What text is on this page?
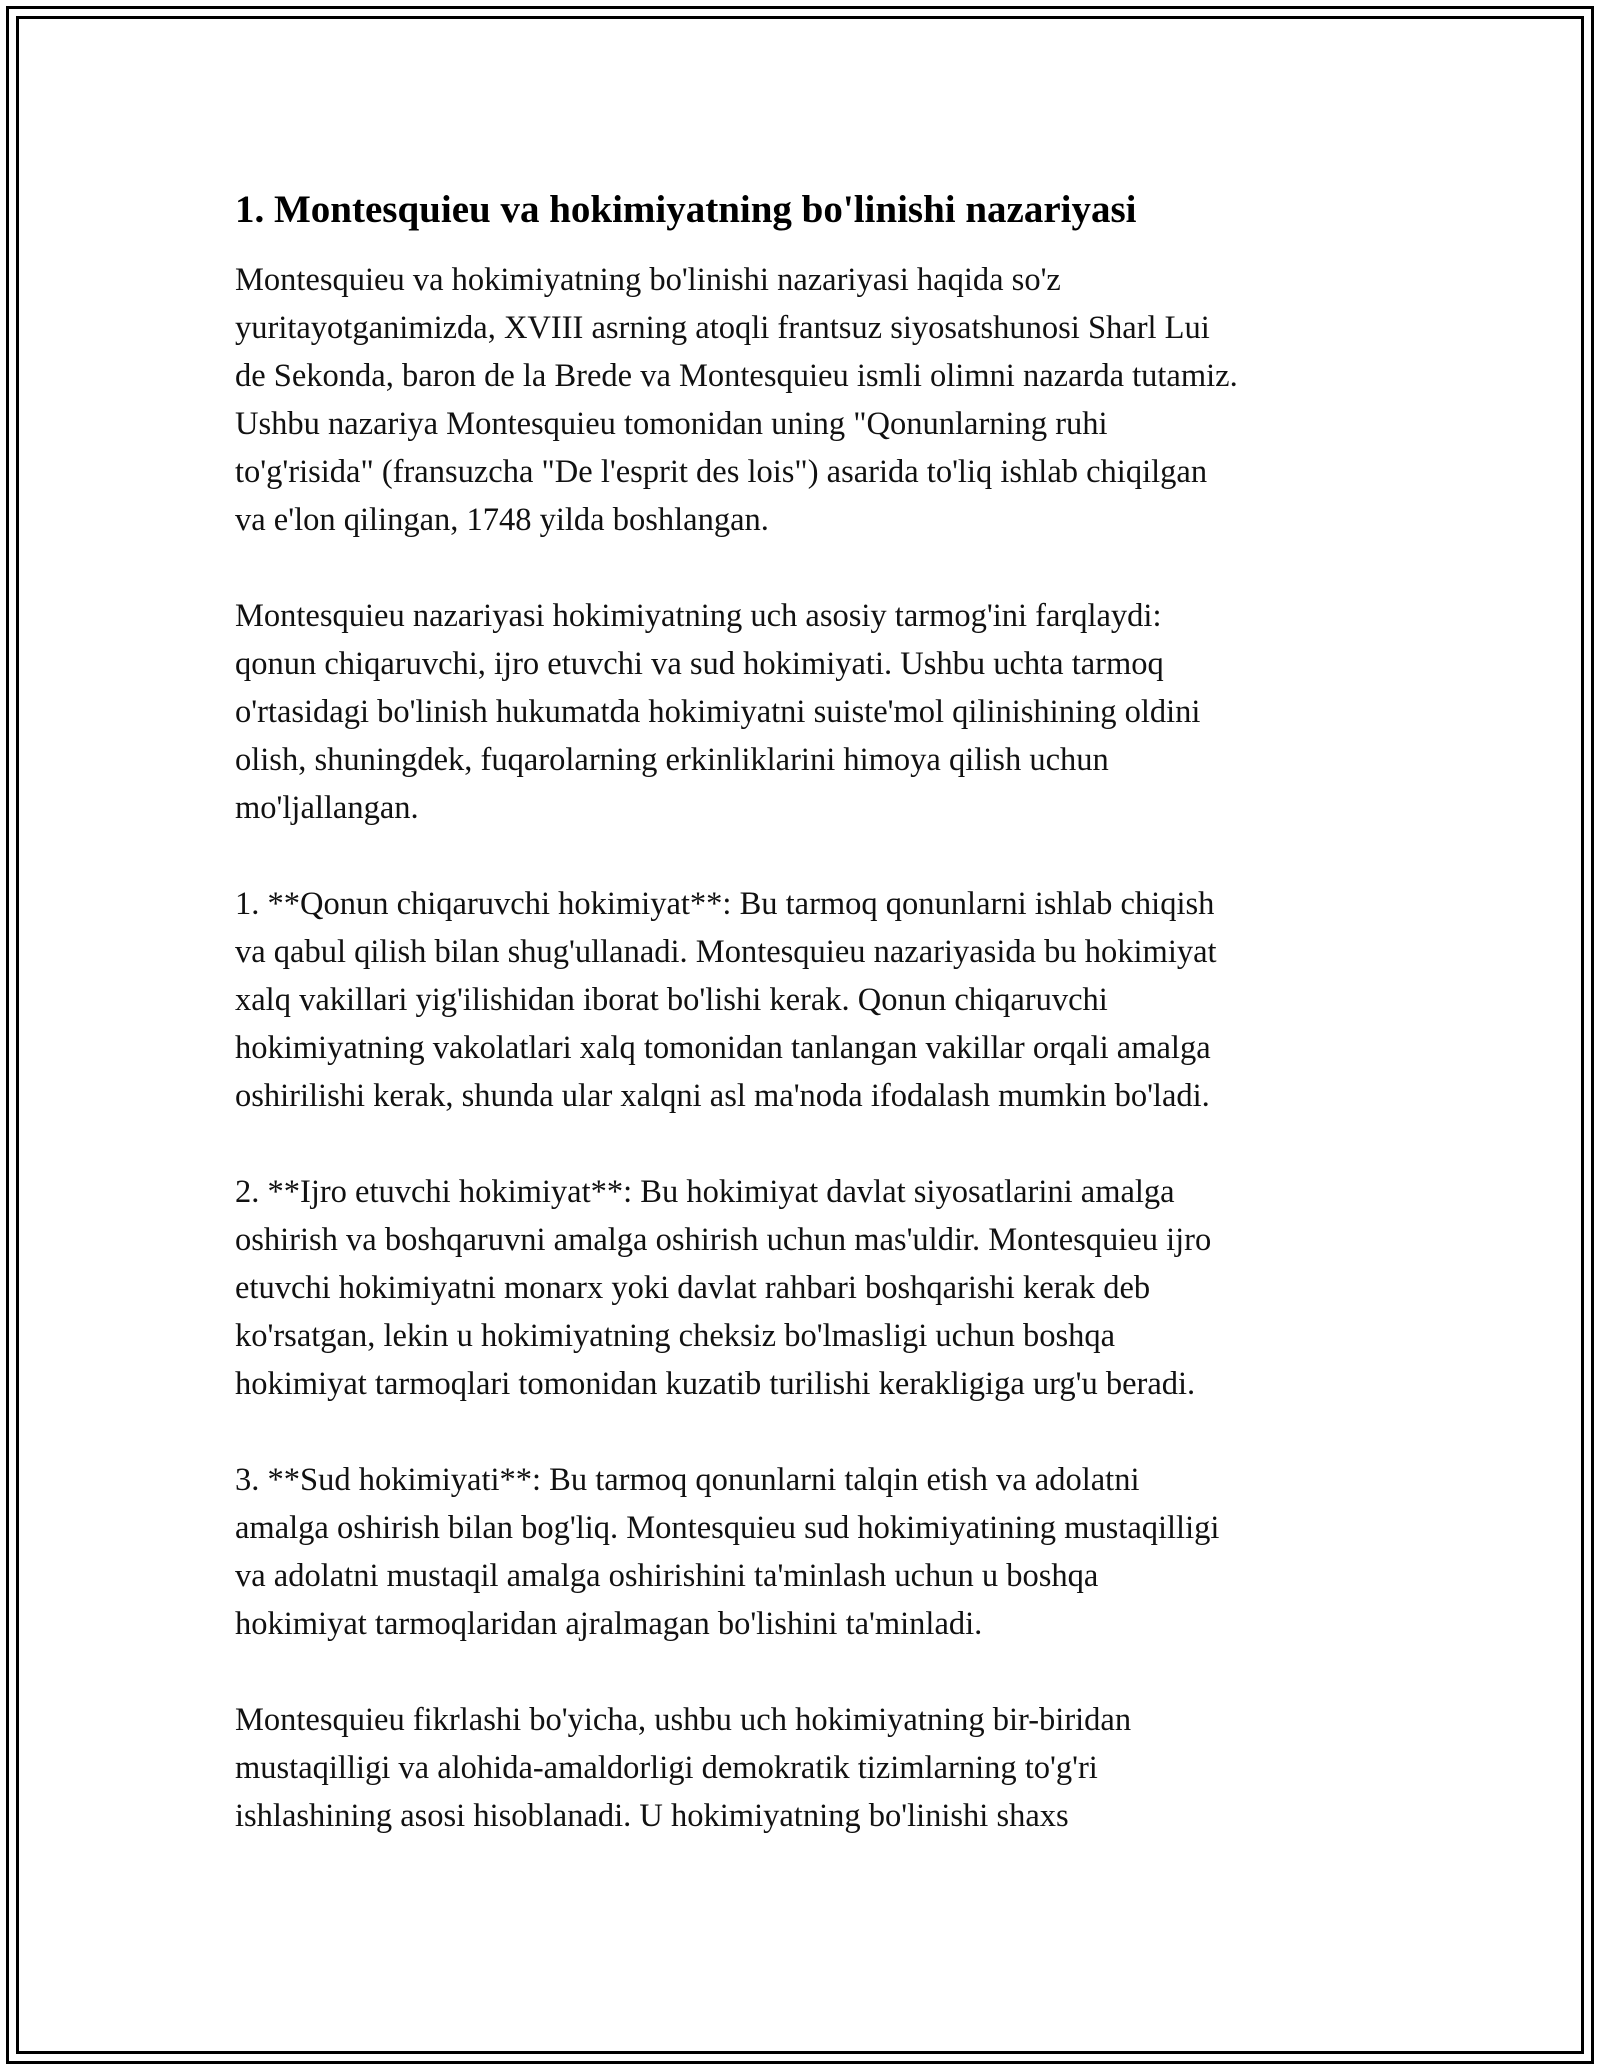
1. Montesquieu va hokimiyatning bo'linishi nazariyasi
Montesquieu va hokimiyatning bo'linishi nazariyasi haqida so'z
yuritayotganimizda, XVIII asrning atoqli frantsuz siyosatshunosi Sharl Lui
de Sekonda, baron de la Brede va Montesquieu ismli olimni nazarda tutamiz.
Ushbu nazariya Montesquieu tomonidan uning "Qonunlarning ruhi
to'g'risida" (fransuzcha "De l'esprit des lois") asarida to'liq ishlab chiqilgan
va e'lon qilingan, 1748 yilda boshlangan.
Montesquieu nazariyasi hokimiyatning uch asosiy tarmog'ini farqlaydi:
qonun chiqaruvchi, ijro etuvchi va sud hokimiyati. Ushbu uchta tarmoq
o'rtasidagi bo'linish hukumatda hokimiyatni suiste'mol qilinishining oldini
olish, shuningdek, fuqarolarning erkinliklarini himoya qilish uchun
mo'ljallangan.
1. **Qonun chiqaruvchi hokimiyat**: Bu tarmoq qonunlarni ishlab chiqish
va qabul qilish bilan shug'ullanadi. Montesquieu nazariyasida bu hokimiyat
xalq vakillari yig'ilishidan iborat bo'lishi kerak. Qonun chiqaruvchi
hokimiyatning vakolatlari xalq tomonidan tanlangan vakillar orqali amalga
oshirilishi kerak, shunda ular xalqni asl ma'noda ifodalash mumkin bo'ladi.
2. **Ijro etuvchi hokimiyat**: Bu hokimiyat davlat siyosatlarini amalga
oshirish va boshqaruvni amalga oshirish uchun mas'uldir. Montesquieu ijro
etuvchi hokimiyatni monarx yoki davlat rahbari boshqarishi kerak deb
ko'rsatgan, lekin u hokimiyatning cheksiz bo'lmasligi uchun boshqa
hokimiyat tarmoqlari tomonidan kuzatib turilishi kerakligiga urg'u beradi.
3. **Sud hokimiyati**: Bu tarmoq qonunlarni talqin etish va adolatni
amalga oshirish bilan bog'liq. Montesquieu sud hokimiyatining mustaqilligi
va adolatni mustaqil amalga oshirishini ta'minlash uchun u boshqa
hokimiyat tarmoqlaridan ajralmagan bo'lishini ta'minladi.
Montesquieu fikrlashi bo'yicha, ushbu uch hokimiyatning bir-biridan
mustaqilligi va alohida-amaldorligi demokratik tizimlarning to'g'ri
ishlashining asosi hisoblanadi. U hokimiyatning bo'linishi shaxs
